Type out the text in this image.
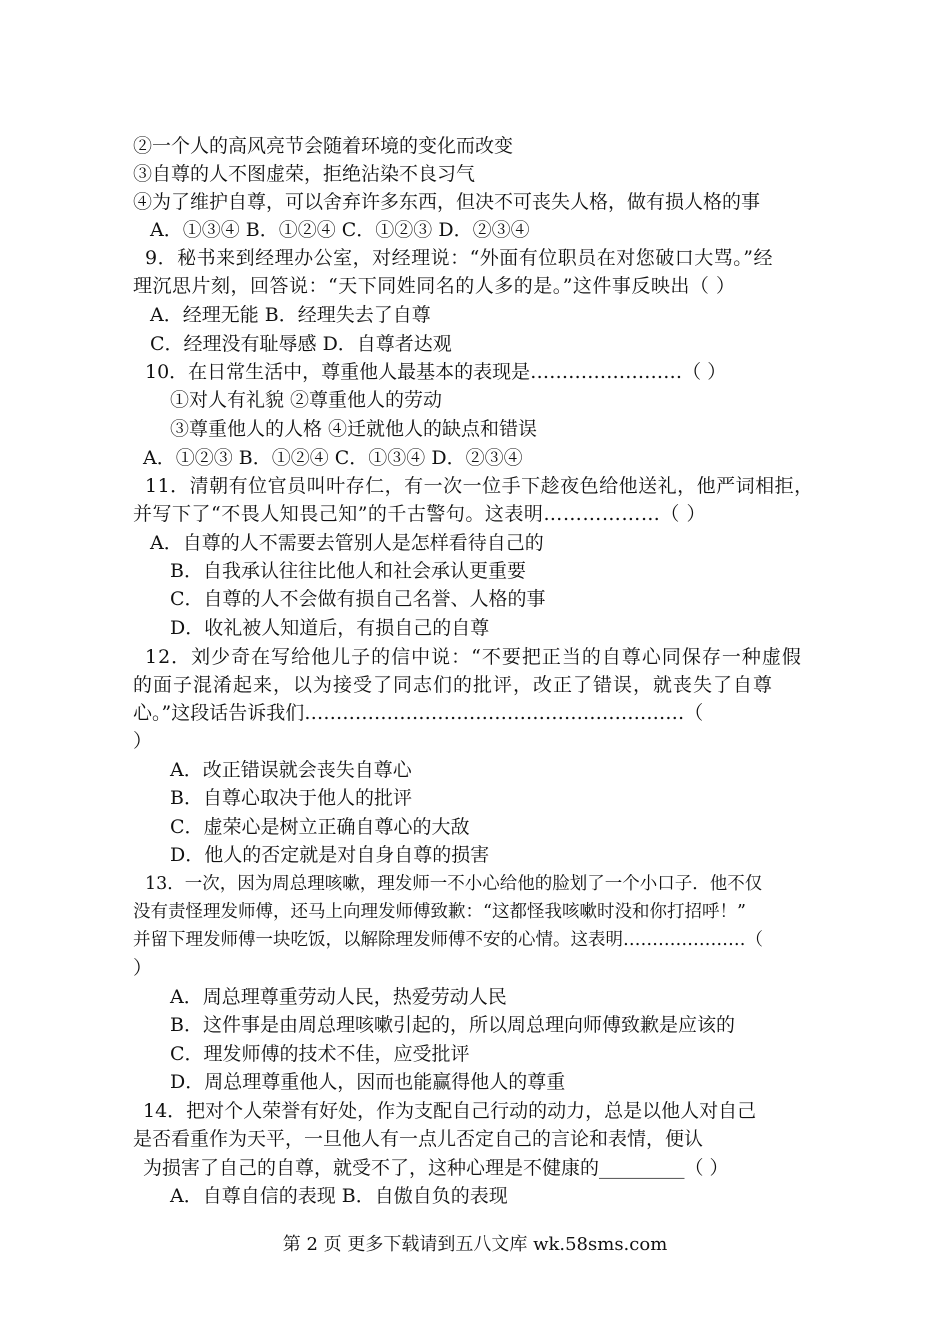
②一个人的高风亮节会随着环境的变化而改变
③自尊的人不图虚荣，拒绝沾染不良习气
④为了维护自尊，可以舍弃许多东西，但决不可丧失人格，做有损人格的事
A．①③④ B．①②④ C．①②③ D．②③④
9．秘书来到经理办公室，对经理说：“外面有位职员在对您破口大骂。”经
理沉思片刻，回答说：“天下同姓同名的人多的是。”这件事反映出（ ）
A．经理无能 B．经理失去了自尊
C．经理没有耻辱感 D．自尊者达观
10．在日常生活中，尊重他人最基本的表现是……………………（ ）
①对人有礼貌 ②尊重他人的劳动
③尊重他人的人格 ④迁就他人的缺点和错误
A．①②③ B．①②④ C．①③④ D．②③④
11．清朝有位官员叫叶存仁，有一次一位手下趁夜色给他送礼，他严词相拒，
并写下了“不畏人知畏己知”的千古警句。这表明………………（ ）
A．自尊的人不需要去管别人是怎样看待自己的
B．自我承认往往比他人和社会承认更重要
C．自尊的人不会做有损自己名誉、人格的事
D．收礼被人知道后，有损自己的自尊
12．刘少奇在写给他儿子的信中说：“不要把正当的自尊心同保存一种虚假
的面子混淆起来，以为接受了同志们的批评，改正了错误，就丧失了自尊
心。”这段话告诉我们……………………………………………………（
）
A．改正错误就会丧失自尊心
B．自尊心取决于他人的批评
C．虚荣心是树立正确自尊心的大敌
D．他人的否定就是对自身自尊的损害
13．一次，因为周总理咳嗽，理发师一不小心给他的脸划了一个小口子．他不仅
没有责怪理发师傅，还马上向理发师傅致歉：“这都怪我咳嗽时没和你打招呼！”
并留下理发师傅一块吃饭，以解除理发师傅不安的心情。这表明…………………（
）
A．周总理尊重劳动人民，热爱劳动人民
B．这件事是由周总理咳嗽引起的，所以周总理向师傅致歉是应该的
C．理发师傅的技术不佳，应受批评
D．周总理尊重他人，因而也能赢得他人的尊重
14．把对个人荣誉有好处，作为支配自己行动的动力，总是以他人对自己
是否看重作为天平，一旦他人有一点儿否定自己的言论和表情，便认
为损害了自己的自尊，就受不了，这种心理是不健康的_________（ ）
A．自尊自信的表现 B．自傲自负的表现
第 2 页 更多下载请到五八文库 wk.58sms.com
